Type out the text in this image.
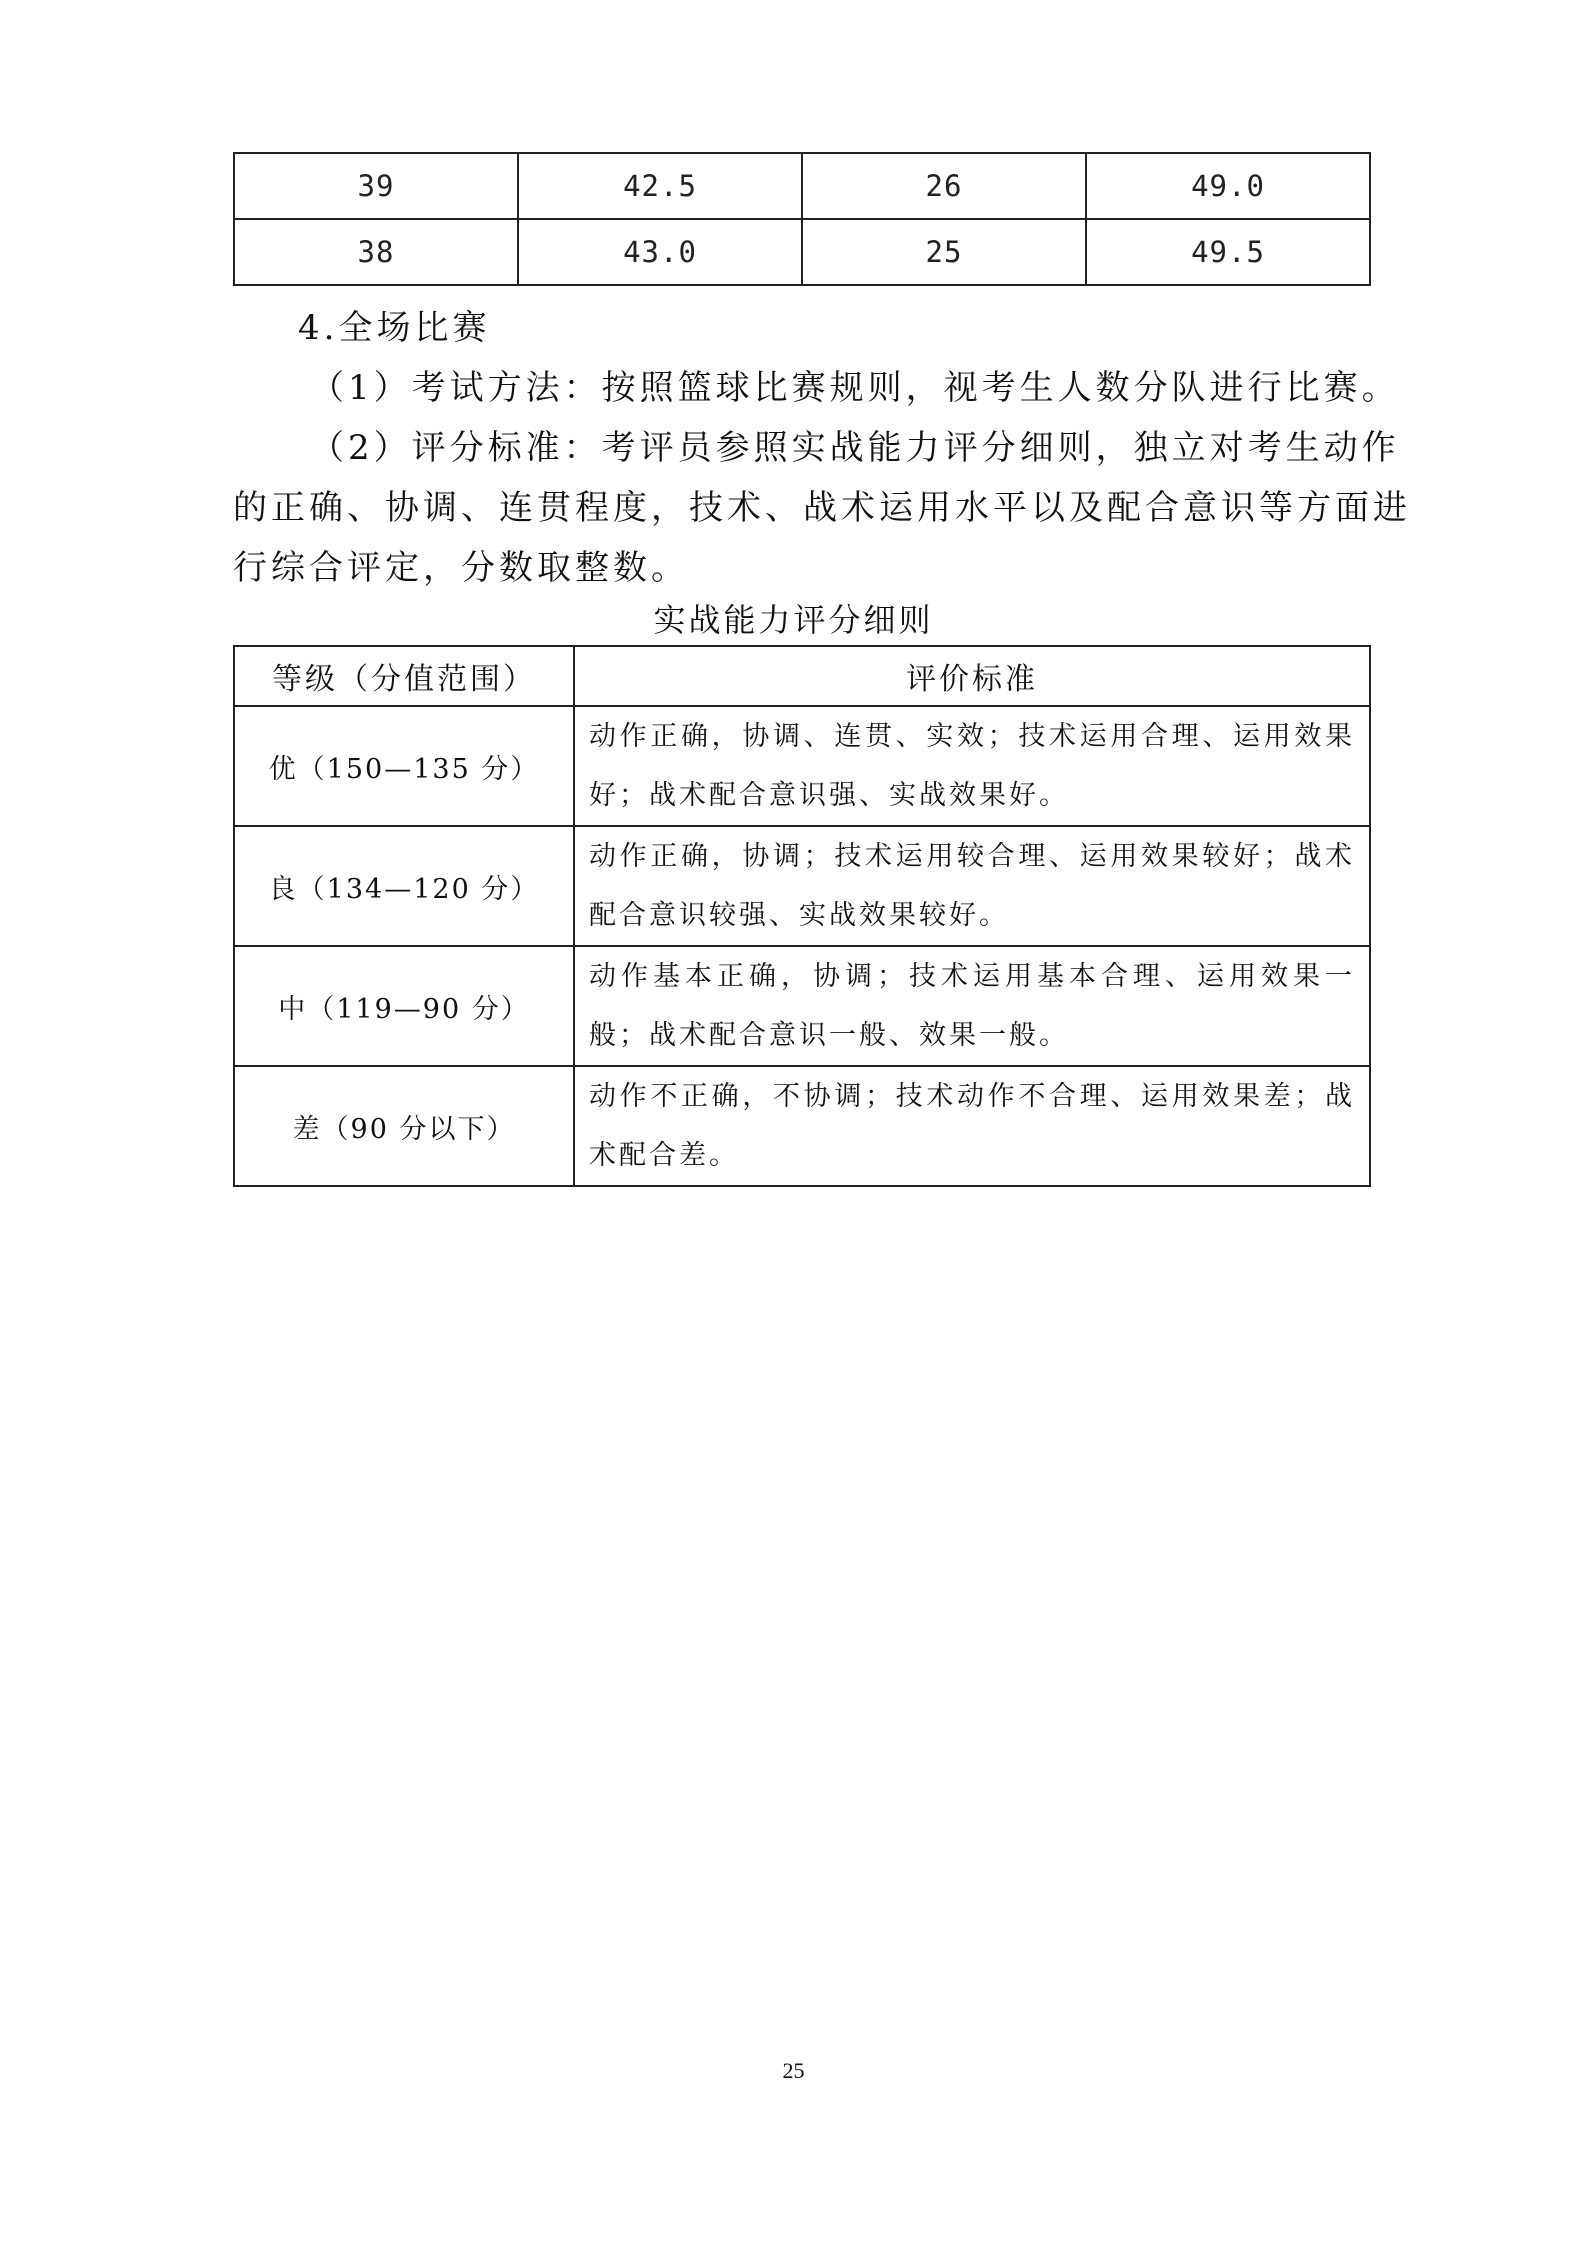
39	42.5	26	49.0
38	43.0	25	49.5

4.全场比赛

（1）考试方法：按照篮球比赛规则，视考生人数分队进行比赛。

（2）评分标准：考评员参照实战能力评分细则，独立对考生动作

的正确、协调、连贯程度，技术、战术运用水平以及配合意识等方面进

行综合评定，分数取整数。

实战能力评分细则
等级（分值范围）	评价标准
优（150—135 分）	动作正确，协调、连贯、实效；技术运用合理、运用效果好；战术配合意识强、实战效果好。
良（134—120 分）	动作正确，协调；技术运用较合理、运用效果较好；战术配合意识较强、实战效果较好。
中（119—90 分）	动作基本正确，协调；技术运用基本合理、运用效果一般；战术配合意识一般、效果一般。
差（90 分以下）	动作不正确，不协调；技术动作不合理、运用效果差；战术配合差。
25
